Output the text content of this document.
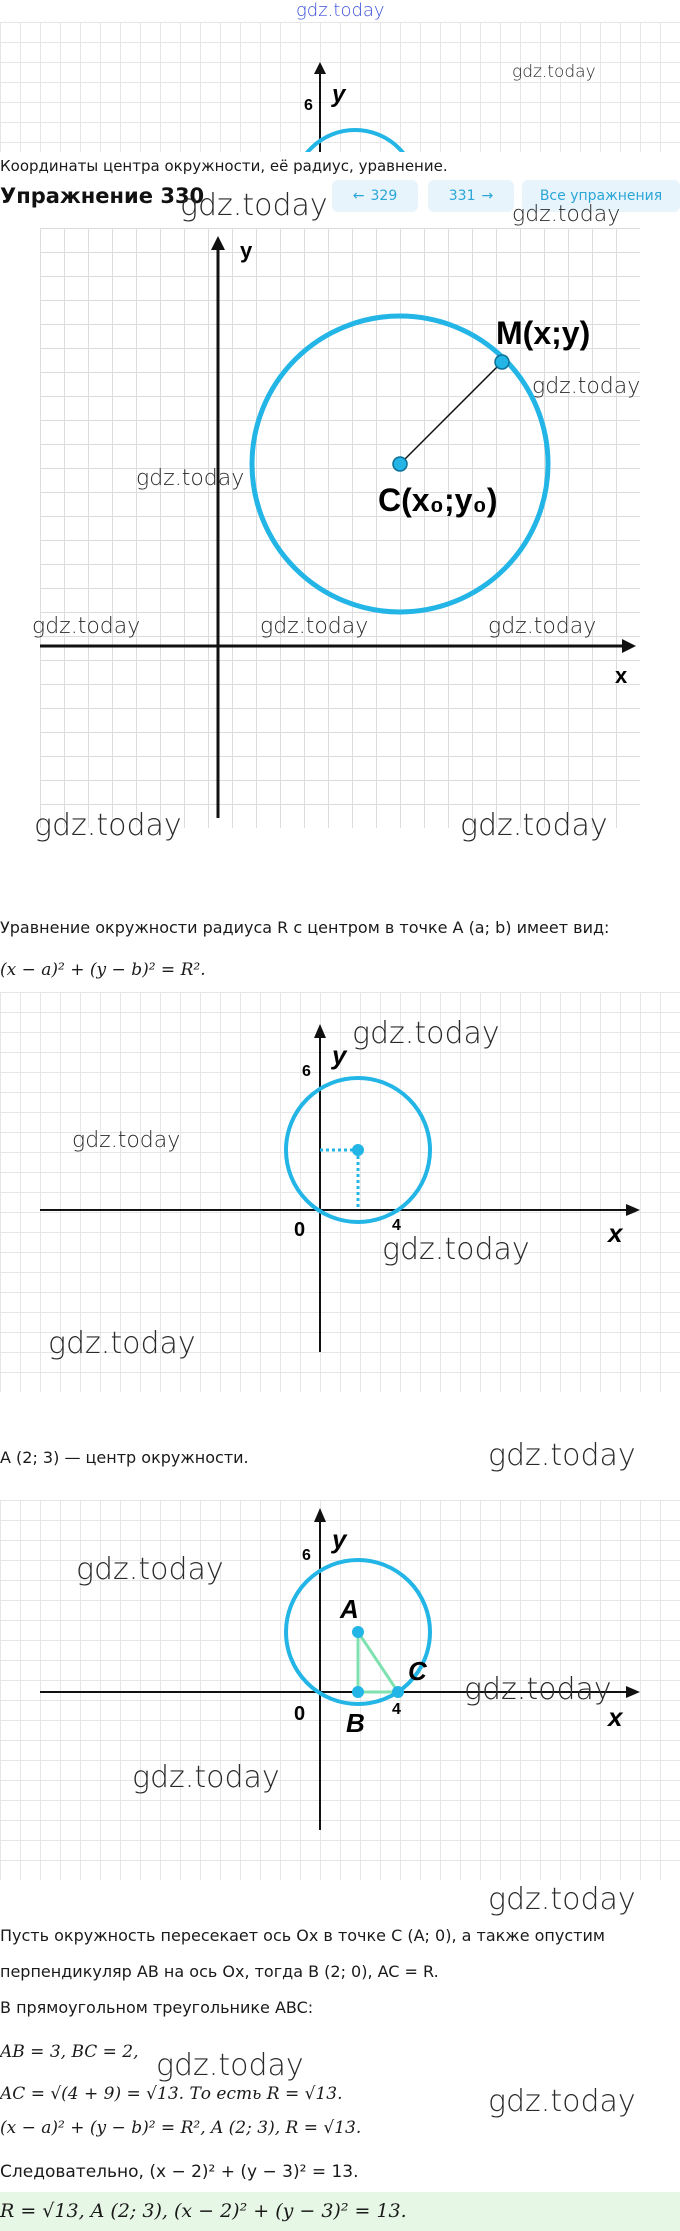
gdz.today
6 y
gdz.today
Координаты центра окружности, её радиус, уравнение.
Упражнение 330	← 329	331 →	Все упражнения
gdz.today	gdz.today
M(x;y)
C(x₀;y₀)
x
y
gdz.today
gdz.today
gdz.today	gdz.today	gdz.today
gdz.today	gdz.today
Уравнение окружности радиуса R с центром в точке A (a; b) имеет вид:
(x − a)² + (y − b)² = R².
6
4
0	x
y
gdz.today
gdz.today
gdz.today
gdz.today
A (2; 3) — центр окружности.	gdz.today
6
4
0	x
y
A
B
C
gdz.today
gdz.today
gdz.today
gdz.today
Пусть окружность пересекает ось Ox в точке C (A; 0), а также опустим
перпендикуляр AB на ось Ox, тогда B (2; 0), AC = R.
В прямоугольном треугольнике ABC:
AB = 3, BC = 2, gdz.today
AC = √(4 + 9) = √13. То есть R = √13.	gdz.today
(x − a)² + (y − b)² = R², A (2; 3), R = √13.
Следовательно, (x − 2)² + (y − 3)² = 13.
R = √13, A (2; 3), (x − 2)² + (y − 3)² = 13.
